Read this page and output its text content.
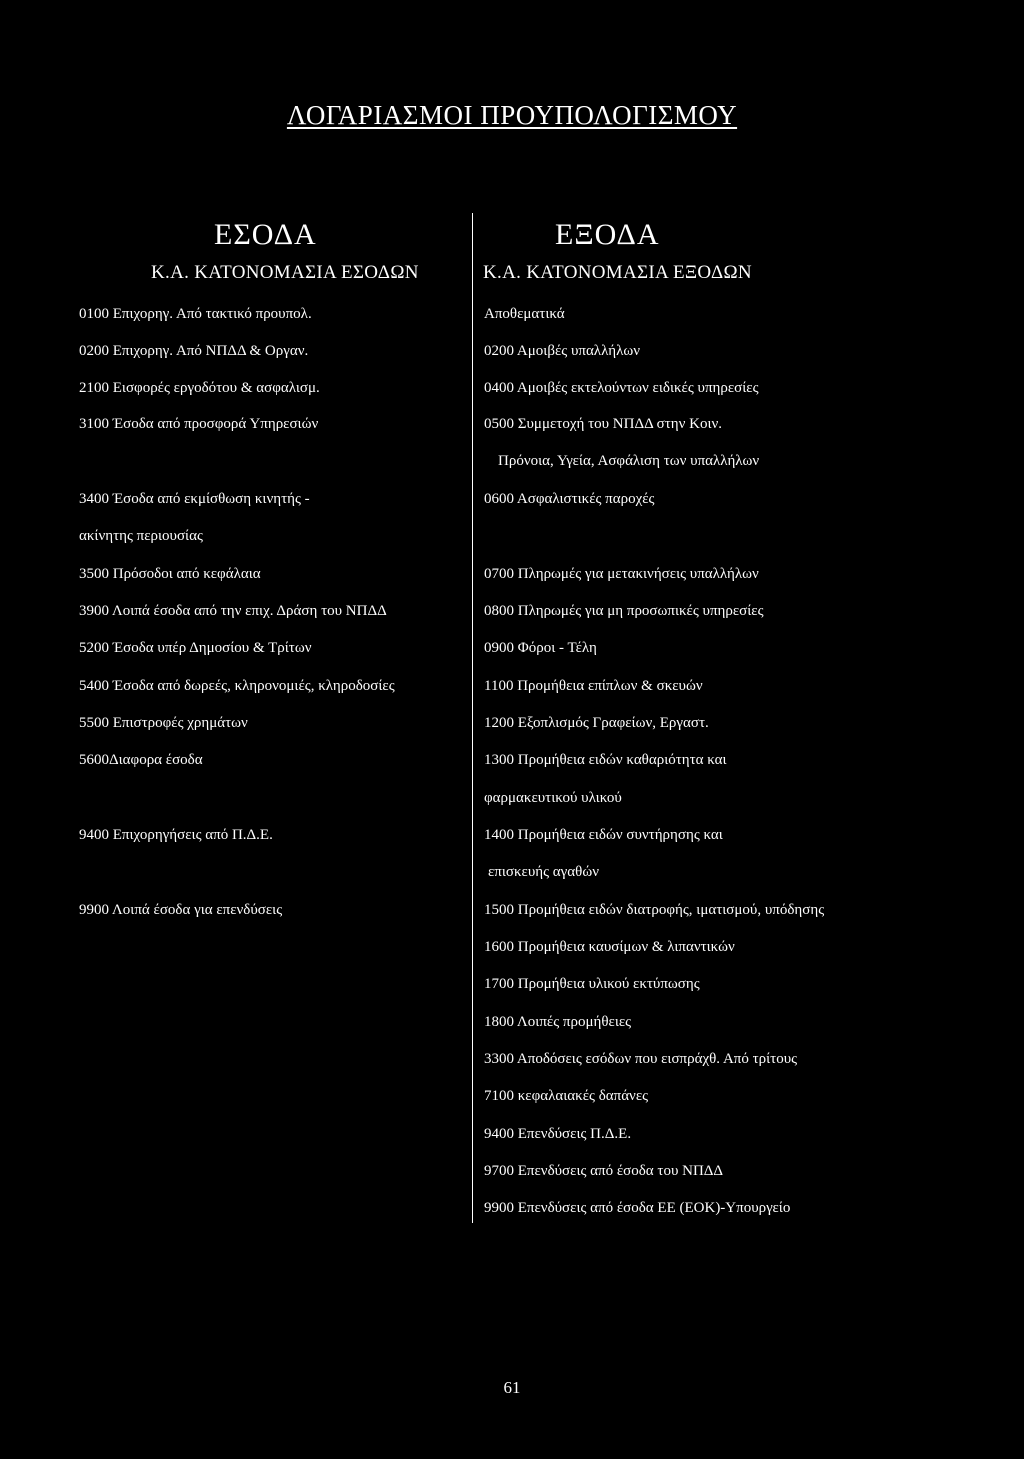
ΛΟΓΑΡΙΑΣΜΟΙ ΠΡΟΥΠΟΛΟΓΙΣΜΟΥ
ΕΣΟΔΑ
Κ.Α. ΚΑΤΟΝΟΜΑΣΙΑ ΕΣΟΔΩΝ
0100 Επιχορηγ. Από τακτικό προυπολ.
0200 Επιχορηγ. Από ΝΠΔΔ & Οργαν.
2100 Εισφορές εργοδότου & ασφαλισμ.
3100 Έσοδα από προσφορά Υπηρεσιών
3400 Έσοδα από εκμίσθωση κινητής -
ακίνητης περιουσίας
3500 Πρόσοδοι από κεφάλαια
3900 Λοιπά έσοδα από την επιχ. Δράση του ΝΠΔΔ
5200 Έσοδα υπέρ Δημοσίου & Τρίτων
5400 Έσοδα από δωρεές, κληρονομιές, κληροδοσίες
5500 Επιστροφές χρημάτων
5600Διαφορα έσοδα
9400 Επιχορηγήσεις από Π.Δ.Ε.
9900 Λοιπά έσοδα για επενδύσεις
ΕΞΟΔΑ
Κ.Α. ΚΑΤΟΝΟΜΑΣΙΑ ΕΞΟΔΩΝ
Αποθεματικά
0200 Αμοιβές υπαλλήλων
0400 Αμοιβές εκτελούντων ειδικές υπηρεσίες
0500 Συμμετοχή του ΝΠΔΔ στην Κοιν.
Πρόνοια, Υγεία, Ασφάλιση των υπαλλήλων
0600 Ασφαλιστικές παροχές
0700 Πληρωμές για μετακινήσεις υπαλλήλων
0800 Πληρωμές για μη προσωπικές υπηρεσίες
0900 Φόροι - Τέλη
1100 Προμήθεια επίπλων & σκευών
1200 Εξοπλισμός Γραφείων, Εργαστ.
1300 Προμήθεια ειδών καθαριότητα και
φαρμακευτικού υλικού
1400 Προμήθεια ειδών συντήρησης και
επισκευής αγαθών
1500 Προμήθεια ειδών διατροφής, ιματισμού, υπόδησης
1600 Προμήθεια καυσίμων & λιπαντικών
1700 Προμήθεια υλικού εκτύπωσης
1800 Λοιπές προμήθειες
3300 Αποδόσεις εσόδων που εισπράχθ. Από τρίτους
7100 κεφαλαιακές δαπάνες
9400 Επενδύσεις Π.Δ.Ε.
9700 Επενδύσεις από έσοδα του ΝΠΔΔ
9900 Επενδύσεις από έσοδα ΕΕ (ΕΟΚ)-Υπουργείο
61
